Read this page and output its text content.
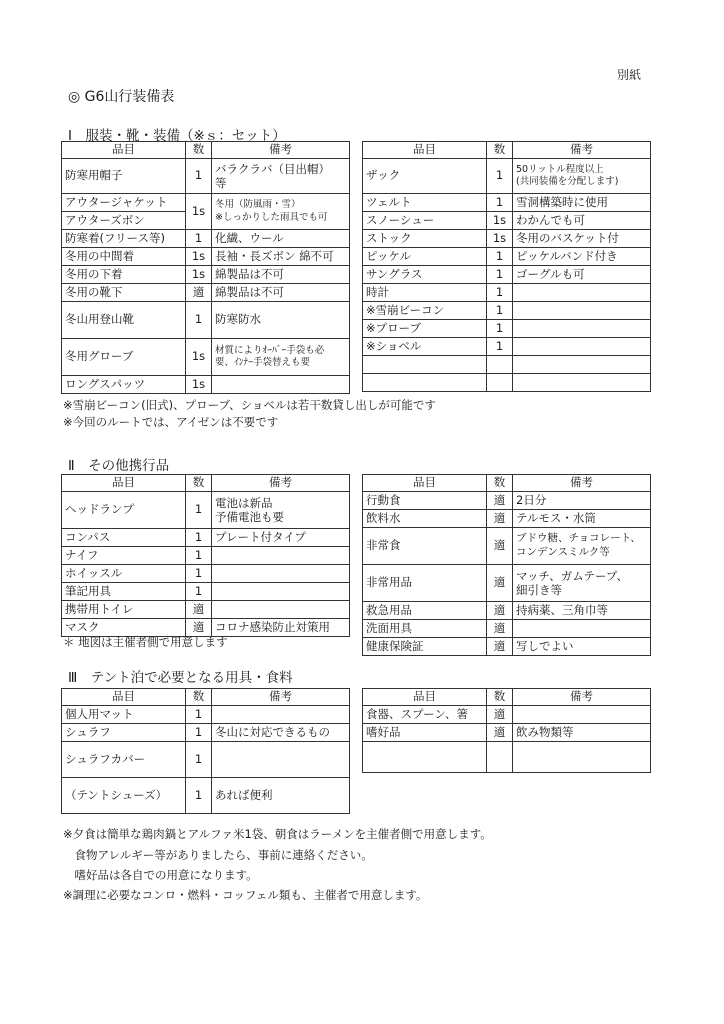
別紙
◎ G6山行装備表
Ⅰ　服装・靴・装備（※ｓ：セット）
品目	数	備考
防寒用帽子	1	バラクラバ（目出帽）
等
アウタージャケット	1s	冬用（防風雨・雪）
※しっかりした雨具でも可
アウターズボン		
防寒着(フリース等)	1	化繊、ウール
冬用の中間着	1s	長袖・長ズボン 綿不可
冬用の下着	1s	綿製品は不可
冬用の靴下	適	綿製品は不可
冬山用登山靴	1	防寒防水
冬用グローブ	1s	材質によりｵｰﾊﾞｰ手袋も必
要、ｲﾝﾅｰ手袋替えも要
ロングスパッツ	1s	
品目	数	備考
ザック	1	50リットル程度以上
(共同装備を分配します)
ツェルト	1	雪洞構築時に使用
スノーシュー	1s	わかんでも可
ストック	1s	冬用のバスケット付
ピッケル	1	ピッケルバンド付き
サングラス	1	ゴーグルも可
時計	1	
※雪崩ビーコン	1	
※プローブ	1	
※ショベル	1	

※雪崩ビーコン(旧式)、プローブ、ショベルは若干数貸し出しが可能です
※今回のルートでは、アイゼンは不要です
Ⅱ　その他携行品
品目	数	備考
ヘッドランプ	1	電池は新品
予備電池も要
コンパス	1	プレート付タイプ
ナイフ	1	
ホイッスル	1	
筆記用具	1	
携帯用トイレ	適	
マスク	適	コロナ感染防止対策用
＊ 地図は主催者側で用意します
品目	数	備考
行動食	適	2日分
飲料水	適	テルモス・水筒
非常食	適	ブドウ糖、チョコレート、
コンデンスミルク等
非常用品	適	マッチ、ガムテープ、
細引き等
救急用品	適	持病薬、三角巾等
洗面用具	適	
健康保険証	適	写しでよい
Ⅲ　テント泊で必要となる用具・食料
品目	数	備考
個人用マット	1	
シュラフ	1	冬山に対応できるもの
シュラフカバー	1	
（テントシューズ）	1	あれば便利
品目	数	備考
食器、スプーン、箸	適	
嗜好品	適	飲み物類等

※夕食は簡単な鶏肉鍋とアルファ米1袋、朝食はラーメンを主催者側で用意します。
　食物アレルギー等がありましたら、事前に連絡ください。
　嗜好品は各自での用意になります。
※調理に必要なコンロ・燃料・コッフェル類も、主催者で用意します。
